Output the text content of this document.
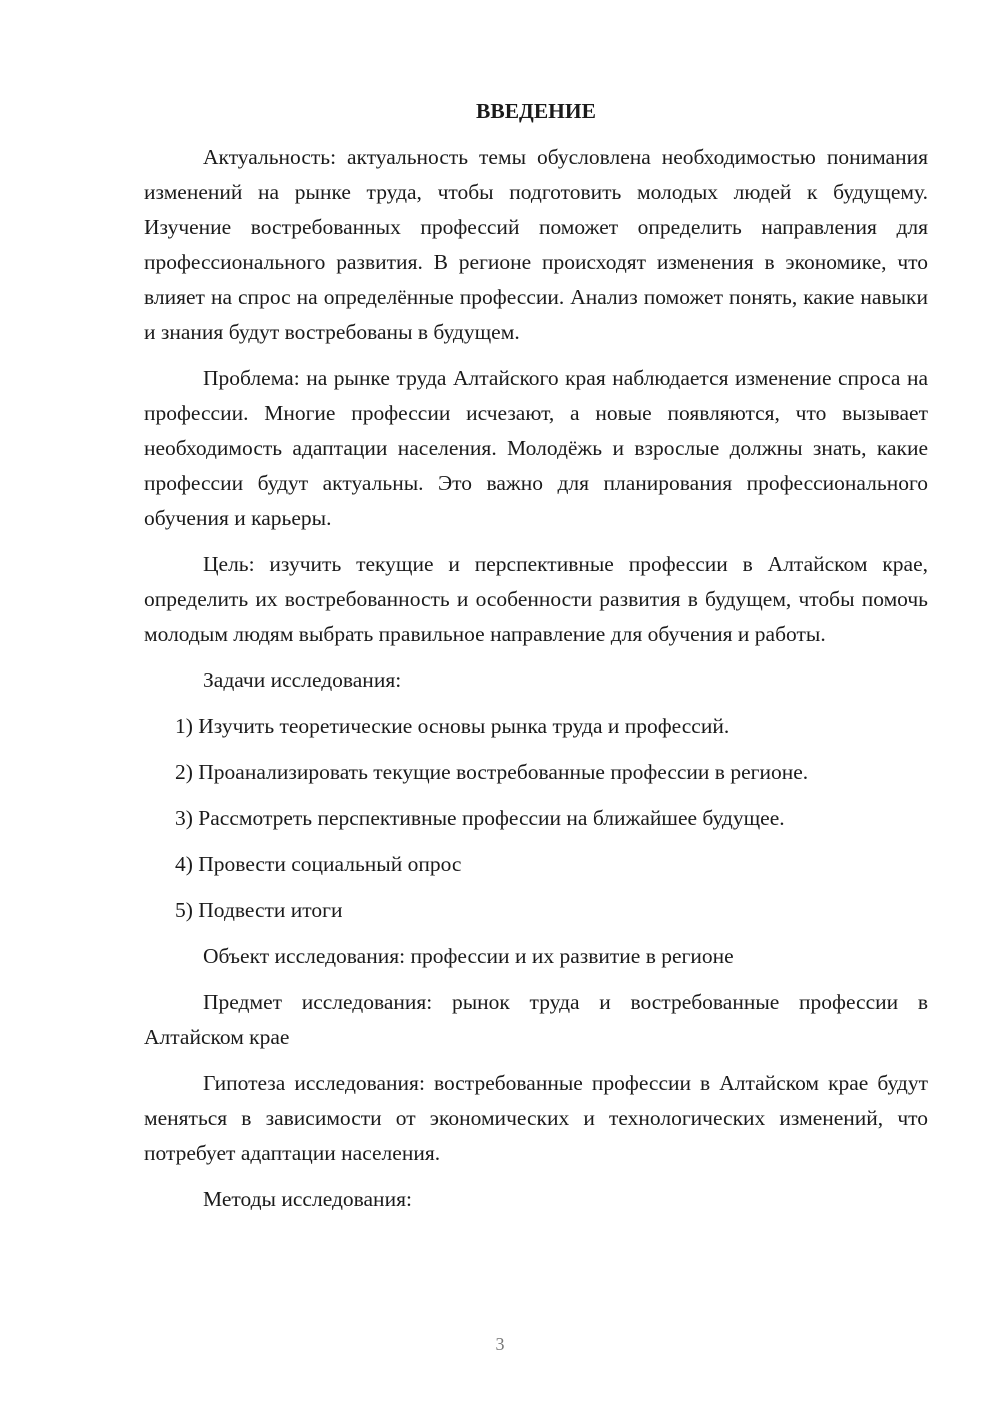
ВВЕДЕНИЕ

Актуальность: актуальность темы обусловлена необходимостью понимания изменений на рынке труда, чтобы подготовить молодых людей к будущему. Изучение востребованных профессий поможет определить направления для профессионального развития. В регионе происходят изменения в экономике, что влияет на спрос на определённые профессии. Анализ поможет понять, какие навыки и знания будут востребованы в будущем.

Проблема: на рынке труда Алтайского края наблюдается изменение спроса на профессии. Многие профессии исчезают, а новые появляются, что вызывает необходимость адаптации населения. Молодёжь и взрослые должны знать, какие профессии будут актуальны. Это важно для планирования профессионального обучения и карьеры.

Цель: изучить текущие и перспективные профессии в Алтайском крае, определить их востребованность и особенности развития в будущем, чтобы помочь молодым людям выбрать правильное направление для обучения и работы.

Задачи исследования:

1) Изучить теоретические основы рынка труда и профессий.

2) Проанализировать текущие востребованные профессии в регионе.

3) Рассмотреть перспективные профессии на ближайшее будущее.

4) Провести социальный опрос

5) Подвести итоги

Объект исследования: профессии и их развитие в регионе

Предмет исследования: рынок труда и востребованные профессии в Алтайском крае

Гипотеза исследования: востребованные профессии в Алтайском крае будут меняться в зависимости от экономических и технологических изменений, что потребует адаптации населения.

Методы исследования:

3
